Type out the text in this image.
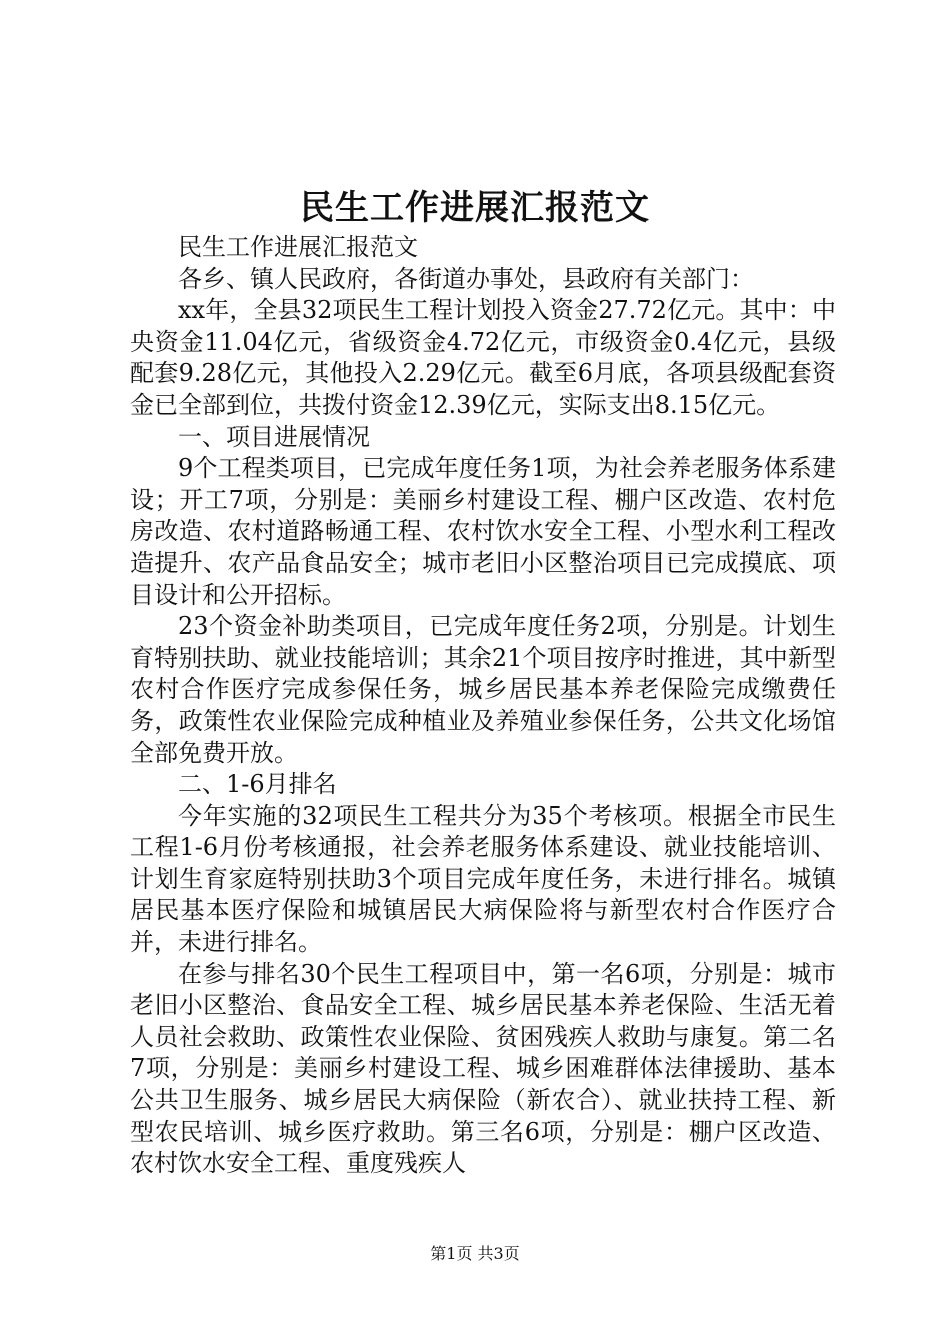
民生工作进展汇报范文

民生工作进展汇报范文

各乡、镇人民政府，各街道办事处，县政府有关部门：

xx年，全县32项民生工程计划投入资金27.72亿元。其中：中央资金11.04亿元，省级资金4.72亿元，市级资金0.4亿元，县级配套9.28亿元，其他投入2.29亿元。截至6月底，各项县级配套资金已全部到位，共拨付资金12.39亿元，实际支出8.15亿元。

一、项目进展情况

9个工程类项目，已完成年度任务1项，为社会养老服务体系建设；开工7项，分别是：美丽乡村建设工程、棚户区改造、农村危房改造、农村道路畅通工程、农村饮水安全工程、小型水利工程改造提升、农产品食品安全；城市老旧小区整治项目已完成摸底、项目设计和公开招标。

23个资金补助类项目，已完成年度任务2项，分别是。计划生育特别扶助、就业技能培训；其余21个项目按序时推进，其中新型农村合作医疗完成参保任务，城乡居民基本养老保险完成缴费任务，政策性农业保险完成种植业及养殖业参保任务，公共文化场馆全部免费开放。

二、1-6月排名

今年实施的32项民生工程共分为35个考核项。根据全市民生工程1-6月份考核通报，社会养老服务体系建设、就业技能培训、计划生育家庭特别扶助3个项目完成年度任务，未进行排名。城镇居民基本医疗保险和城镇居民大病保险将与新型农村合作医疗合并，未进行排名。

在参与排名30个民生工程项目中，第一名6项，分别是：城市老旧小区整治、食品安全工程、城乡居民基本养老保险、生活无着人员社会救助、政策性农业保险、贫困残疾人救助与康复。第二名7项，分别是：美丽乡村建设工程、城乡困难群体法律援助、基本公共卫生服务、城乡居民大病保险（新农合）、就业扶持工程、新型农民培训、城乡医疗救助。第三名6项，分别是：棚户区改造、农村饮水安全工程、重度残疾人

第1页 共3页
